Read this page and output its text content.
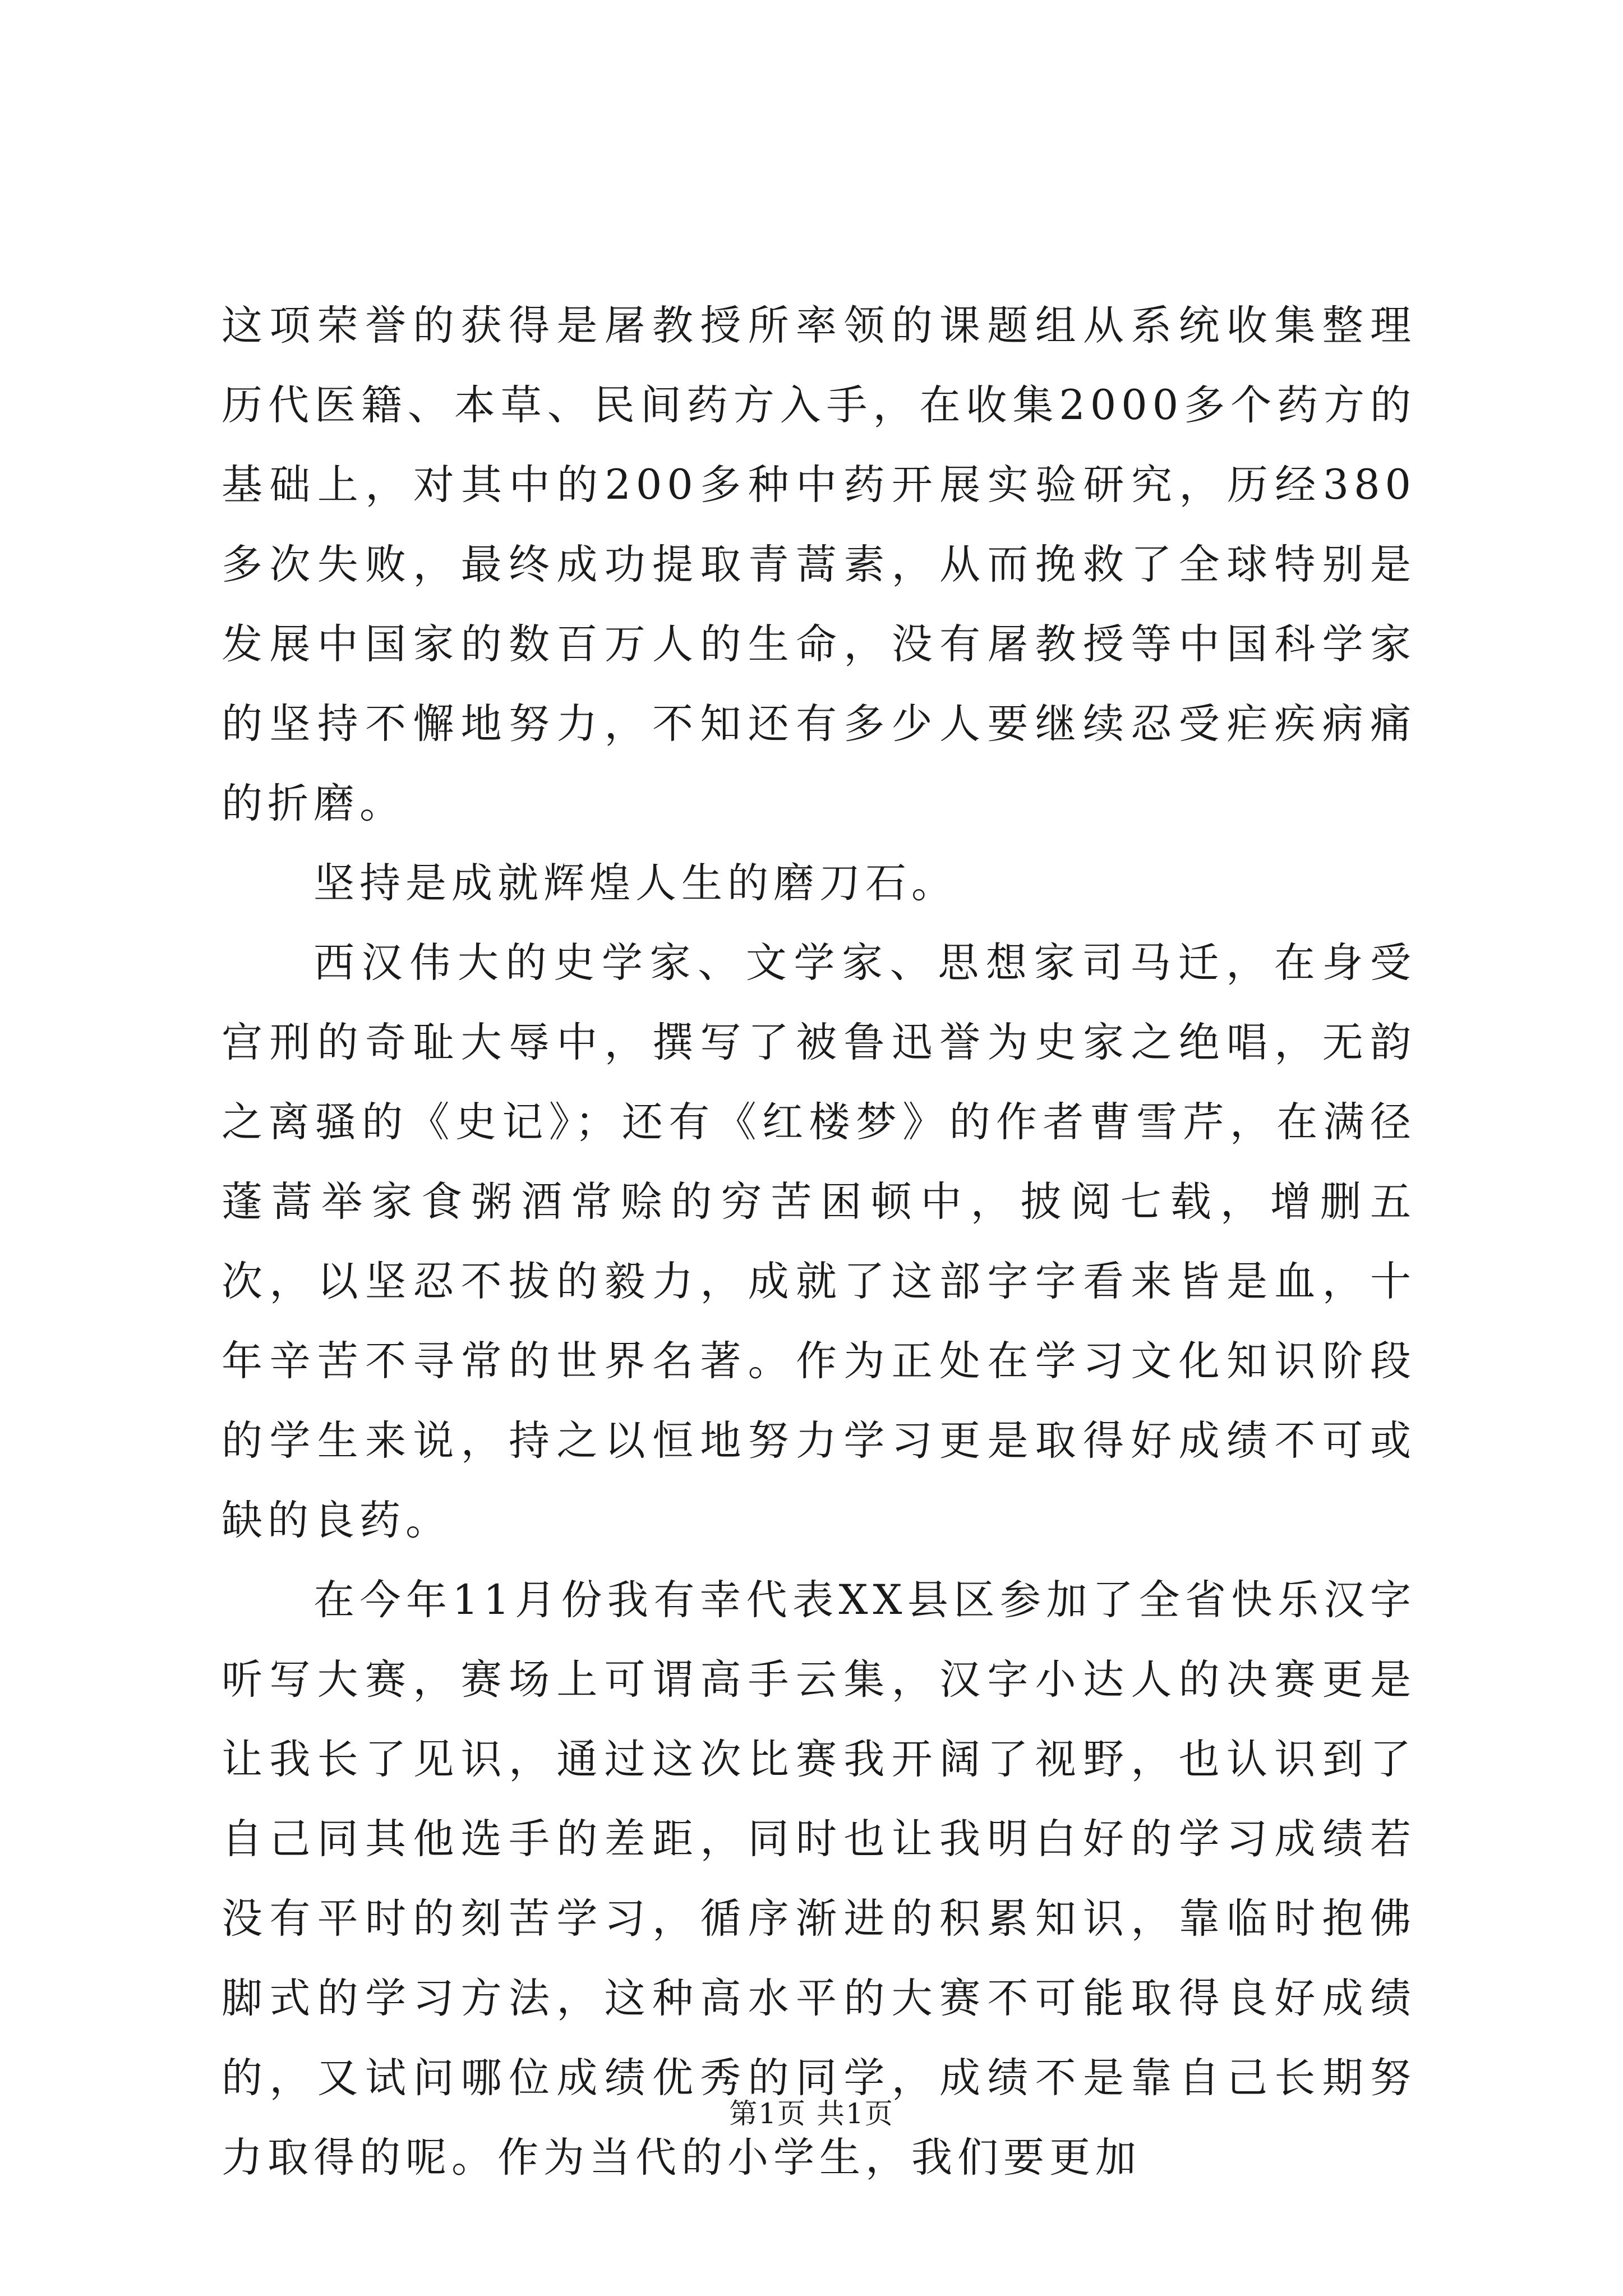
这项荣誉的获得是屠教授所率领的课题组从系统收集整理历代医籍、本草、民间药方入手，在收集2000多个药方的基础上，对其中的200多种中药开展实验研究，历经380多次失败，最终成功提取青蒿素，从而挽救了全球特别是发展中国家的数百万人的生命，没有屠教授等中国科学家的坚持不懈地努力，不知还有多少人要继续忍受疟疾病痛的折磨。

坚持是成就辉煌人生的磨刀石。

西汉伟大的史学家、文学家、思想家司马迁，在身受宫刑的奇耻大辱中，撰写了被鲁迅誉为史家之绝唱，无韵之离骚的《史记》；还有《红楼梦》的作者曹雪芹，在满径蓬蒿举家食粥酒常赊的穷苦困顿中，披阅七载，增删五次，以坚忍不拔的毅力，成就了这部字字看来皆是血，十年辛苦不寻常的世界名著。作为正处在学习文化知识阶段的学生来说，持之以恒地努力学习更是取得好成绩不可或缺的良药。

在今年11月份我有幸代表XX县区参加了全省快乐汉字听写大赛，赛场上可谓高手云集，汉字小达人的决赛更是让我长了见识，通过这次比赛我开阔了视野，也认识到了自己同其他选手的差距，同时也让我明白好的学习成绩若没有平时的刻苦学习，循序渐进的积累知识，靠临时抱佛脚式的学习方法，这种高水平的大赛不可能取得良好成绩的，又试问哪位成绩优秀的同学，成绩不是靠自己长期努力取得的呢。作为当代的小学生，我们要更加

第1页 共1页
